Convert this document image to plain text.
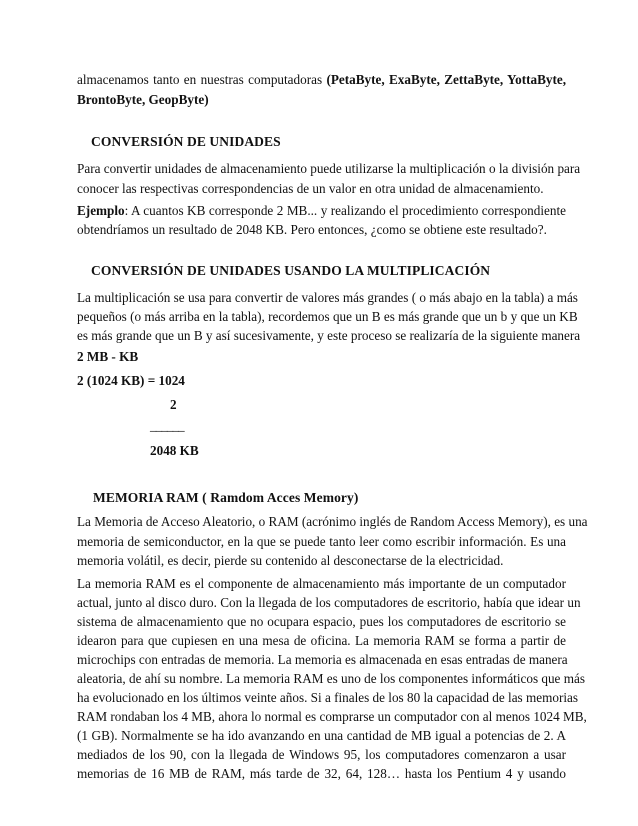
almacenamos tanto en nuestras computadoras (PetaByte, ExaByte, ZettaByte, YottaByte,
BrontoByte, GeopByte)
CONVERSIÓN DE UNIDADES
Para convertir unidades de almacenamiento puede utilizarse la multiplicación o la división para
conocer las respectivas correspondencias de un valor en otra unidad de almacenamiento.
Ejemplo: A cuantos KB corresponde 2 MB... y realizando el procedimiento correspondiente
obtendríamos un resultado de 2048 KB. Pero entonces, ¿como se obtiene este resultado?.
CONVERSIÓN DE UNIDADES USANDO LA MULTIPLICACIÓN
La multiplicación se usa para convertir de valores más grandes ( o más abajo en la tabla) a más
pequeños (o más arriba en la tabla), recordemos que un B es más grande que un b y que un KB
es más grande que un B y así sucesivamente, y este proceso se realizaría de la siguiente manera
2 MB - KB
2 (1024 KB) = 1024
2
______
2048 KB
MEMORIA RAM ( Ramdom Acces Memory)
La Memoria de Acceso Aleatorio, o RAM (acrónimo inglés de Random Access Memory), es una
memoria de semiconductor, en la que se puede tanto leer como escribir información. Es una
memoria volátil, es decir, pierde su contenido al desconectarse de la electricidad.
La memoria RAM es el componente de almacenamiento más importante de un computador
actual, junto al disco duro. Con la llegada de los computadores de escritorio, había que idear un
sistema de almacenamiento que no ocupara espacio, pues los computadores de escritorio se
idearon para que cupiesen en una mesa de oficina. La memoria RAM se forma a partir de
microchips con entradas de memoria. La memoria es almacenada en esas entradas de manera
aleatoria, de ahí su nombre. La memoria RAM es uno de los componentes informáticos que más
ha evolucionado en los últimos veinte años. Si a finales de los 80 la capacidad de las memorias
RAM rondaban los 4 MB, ahora lo normal es comprarse un computador con al menos 1024 MB,
(1 GB). Normalmente se ha ido avanzando en una cantidad de MB igual a potencias de 2. A
mediados de los 90, con la llegada de Windows 95, los computadores comenzaron a usar
memorias de 16 MB de RAM, más tarde de 32, 64, 128… hasta los Pentium 4 y usando
